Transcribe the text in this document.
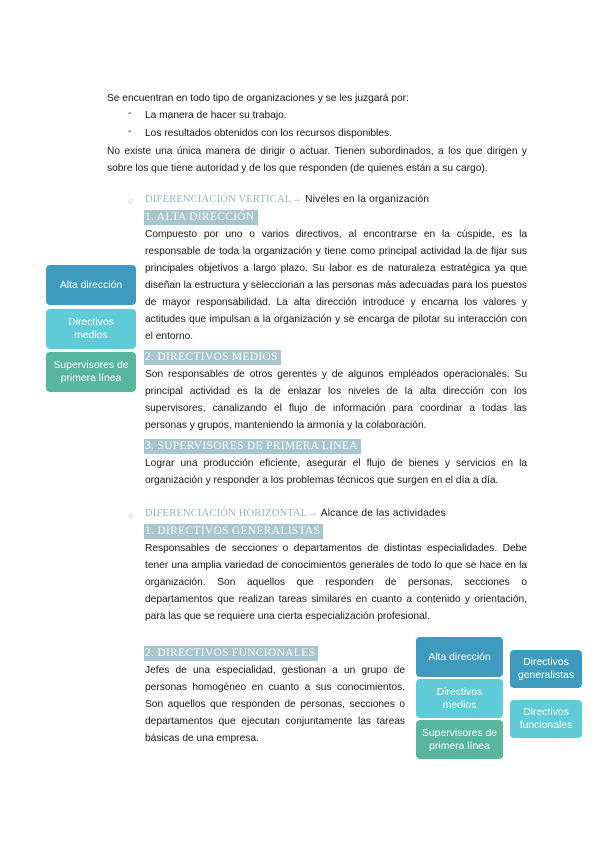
Se encuentran en todo tipo de organizaciones y se les juzgará por:
- La manera de hacer su trabajo.
- Los resultados obtenidos con los recursos disponibles.
No existe una única manera de dirigir o actuar. Tienen subordinados, a los que dirigen y sobre los que tiene autoridad y de los que responden (de quienes están a su cargo).
○ DIFERENCIACIÓN VERTICAL→ Niveles en la organización
1. ALTA DIRECCIÓN
Compuesto por uno o varios directivos, al encontrarse en la cúspide, es la responsable de toda la organización y tiene como principal actividad la de fijar sus principales objetivos a largo plazo. Su labor es de naturaleza estratégica ya que diseñan la estructura y seleccionan a las personas más adecuadas para los puestos de mayor responsabilidad. La alta dirección introduce y encarna los valores y actitudes que impulsan a la organización y se encarga de pilotar su interacción con el entorno.
2. DIRECTIVOS MEDIOS
Son responsables de otros gerentes y de algunos empleados operacionales. Su principal actividad es la de enlazar los niveles de la alta dirección con los supervisores, canalizando el flujo de información para coordinar a todas las personas y grupos, manteniendo la armonía y la colaboración.
3. SUPERVISORES DE PRIMERA LINEA
Lograr una producción eficiente, asegurar el flujo de bienes y servicios en la organización y responder a los problemas técnicos que surgen en el día a día.
Alta dirección
Directivos medios
Supervisores de primera línea
○ DIFERENCIACIÓN HORIZONTAL→ Alcance de las actividades
1. DIRECTIVOS GENERALISTAS
Responsables de secciones o departamentos de distintas especialidades. Debe tener una amplia variedad de conocimientos generales de todo lo que se hace en la organización. Son aquellos que responden de personas, secciones o departamentos que realizan tareas similares en cuanto a contenido y orientación, para las que se requiere una cierta especialización profesional.
2. DIRECTIVOS FUNCIONALES
Jefes de una especialidad, gestionan a un grupo de personas homogéneo en cuanto a sus conocimientos. Son aquellos que responden de personas, secciones o departamentos que ejecutan conjuntamente las tareas básicas de una empresa.
Alta dirección
Directivos medios
Supervisores de primera línea
Directivos generalistas
Directivos funcionales
